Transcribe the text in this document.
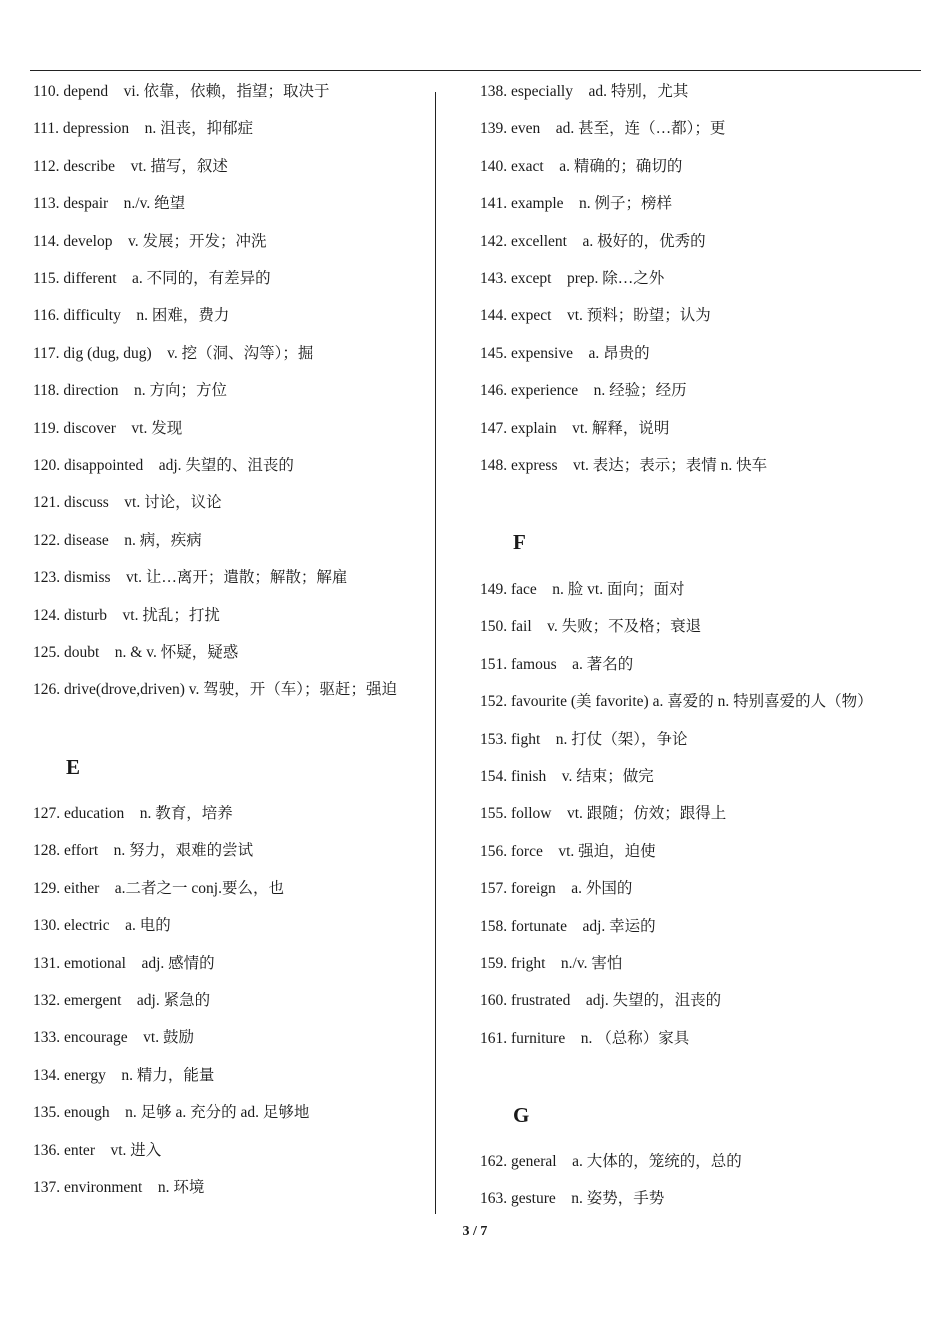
110. depend　vi. 依靠，依赖，指望；取决于
111. depression　n. 沮丧，抑郁症
112. describe　vt. 描写，叙述
113. despair　n./v. 绝望
114. develop　v. 发展；开发；冲洗
115. different　a. 不同的，有差异的
116. difficulty　n. 困难，费力
117. dig (dug, dug)　v. 挖（洞、沟等）；掘
118. direction　n. 方向；方位
119. discover　vt. 发现
120. disappointed　adj. 失望的、沮丧的
121. discuss　vt. 讨论，议论
122. disease　n. 病，疾病
123. dismiss　vt. 让…离开；遣散；解散；解雇
124. disturb　vt. 扰乱；打扰
125. doubt　n. & v. 怀疑，疑惑
126. drive(drove,driven) v. 驾驶，开（车）；驱赶；强迫
E
127. education　n. 教育，培养
128. effort　n. 努力，艰难的尝试
129. either　a.二者之一 conj.要么，也
130. electric　a. 电的
131. emotional　adj. 感情的
132. emergent　adj. 紧急的
133. encourage　vt. 鼓励
134. energy　n. 精力，能量
135. enough　n. 足够 a. 充分的 ad. 足够地
136. enter　vt. 进入
137. environment　n. 环境
138. especially　ad. 特别，尤其
139. even　ad. 甚至，连（…都）；更
140. exact　a. 精确的；确切的
141. example　n. 例子；榜样
142. excellent　a. 极好的，优秀的
143. except　prep. 除…之外
144. expect　vt. 预料；盼望；认为
145. expensive　a. 昂贵的
146. experience　n. 经验；经历
147. explain　vt. 解释，说明
148. express　vt. 表达；表示；表情 n. 快车
F
149. face　n. 脸 vt. 面向；面对
150. fail　v. 失败；不及格；衰退
151. famous　a. 著名的
152. favourite (美 favorite) a. 喜爱的 n. 特别喜爱的人（物）
153. fight　n. 打仗（架），争论
154. finish　v. 结束；做完
155. follow　vt. 跟随；仿效；跟得上
156. force　vt. 强迫，迫使
157. foreign　a. 外国的
158. fortunate　adj. 幸运的
159. fright　n./v. 害怕
160. frustrated　adj. 失望的，沮丧的
161. furniture　n. （总称）家具
G
162. general　a. 大体的，笼统的，总的
163. gesture　n. 姿势，手势
3 / 7
